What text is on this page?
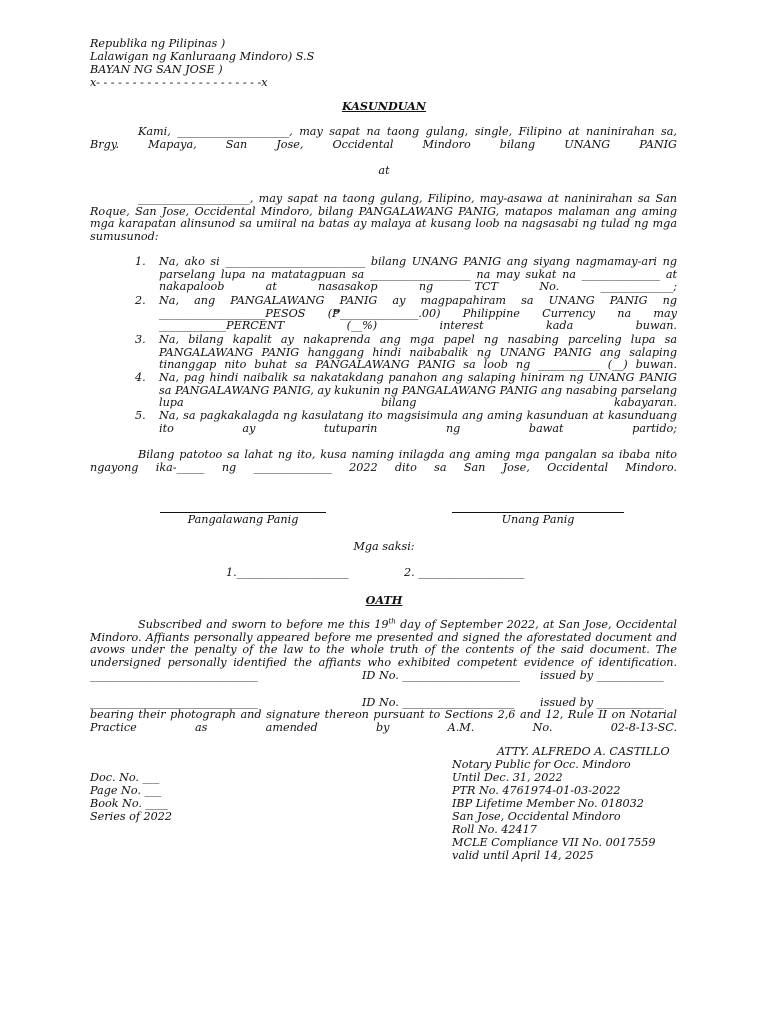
Republika ng Pilipinas )
Lalawigan ng Kanluraang Mindoro) S.S
BAYAN NG SAN JOSE )
x- - - - - - - - - - - - - - - - - - - - - - -x
KASUNDUAN
Kami, ____________________, may sapat na taong gulang, single, Filipino at naninirahan sa, Brgy. Mapaya, San Jose, Occidental Mindoro bilang UNANG PANIG
at
____________________, may sapat na taong gulang, Filipino, may-asawa at naninirahan sa San Roque, San Jose, Occidental Mindoro, bilang PANGALAWANG PANIG, matapos malaman ang aming mga karapatan alinsunod sa umiiral na batas ay malaya at kusang loob na nagsasabi ng tulad ng mga sumusunod:
1. Na, ako si _________________________ bilang UNANG PANIG ang siyang nagmamay-ari ng parselang lupa na matatagpuan sa __________________ na may sukat na ______________ at nakapaloob at nasasakop ng TCT No. _____________;
2. Na, ang PANGALAWANG PANIG ay magpapahiram sa UNANG PANIG ng ___________________PESOS (₱______________.00) Philippine Currency na may ____________PERCENT (__%) interest kada buwan.
3. Na, bilang kapalit ay nakaprenda ang mga papel ng nasabing parceling lupa sa PANGALAWANG PANIG hanggang hindi naibabalik ng UNANG PANIG ang salaping tinanggap nito buhat sa PANGALAWANG PANIG sa loob ng ___________ (__) buwan.
4. Na, pag hindi naibalik sa nakatakdang panahon ang salaping hiniram ng UNANG PANIG sa PANGALAWANG PANIG, ay kukunin ng PANGALAWANG PANIG ang nasabing parselang lupa bilang kabayaran.
5. Na, sa pagkakalagda ng kasulatang ito magsisimula ang aming kasunduan at kasunduang ito ay tutuparin ng bawat partido;
Bilang patotoo sa lahat ng ito, kusa naming inilagda ang aming mga pangalan sa ibaba nito ngayong ika-_____ ng ______________ 2022 dito sa San Jose, Occidental Mindoro.
Pangalawang Panig	Unang Panig
Mga saksi:
1.____________________	2. ___________________
OATH
Subscribed and sworn to before me this 19th day of September 2022, at San Jose, Occidental Mindoro. Affiants personally appeared before me presented and signed the aforestated document and avows under the penalty of the law to the whole truth of the contents of the said document. The undersigned personally identified the affiants who exhibited competent evidence of identification.
______________________________	ID No. _____________________ issued by ____________
______________________________	ID No. ____________________ issued by ____________
bearing their photograph and signature thereon pursuant to Sections 2,6 and 12, Rule II on Notarial Practice as amended by A.M. No. 02-8-13-SC.
ATTY. ALFREDO A. CASTILLO
Notary Public for Occ. Mindoro
Until Dec. 31, 2022
PTR No. 4761974-01-03-2022
IBP Lifetime Member No. 018032
San Jose, Occidental Mindoro
Roll No. 42417
MCLE Compliance VII No. 0017559
valid until April 14, 2025
Doc. No. ___
Page No. ___
Book No. ____
Series of 2022
